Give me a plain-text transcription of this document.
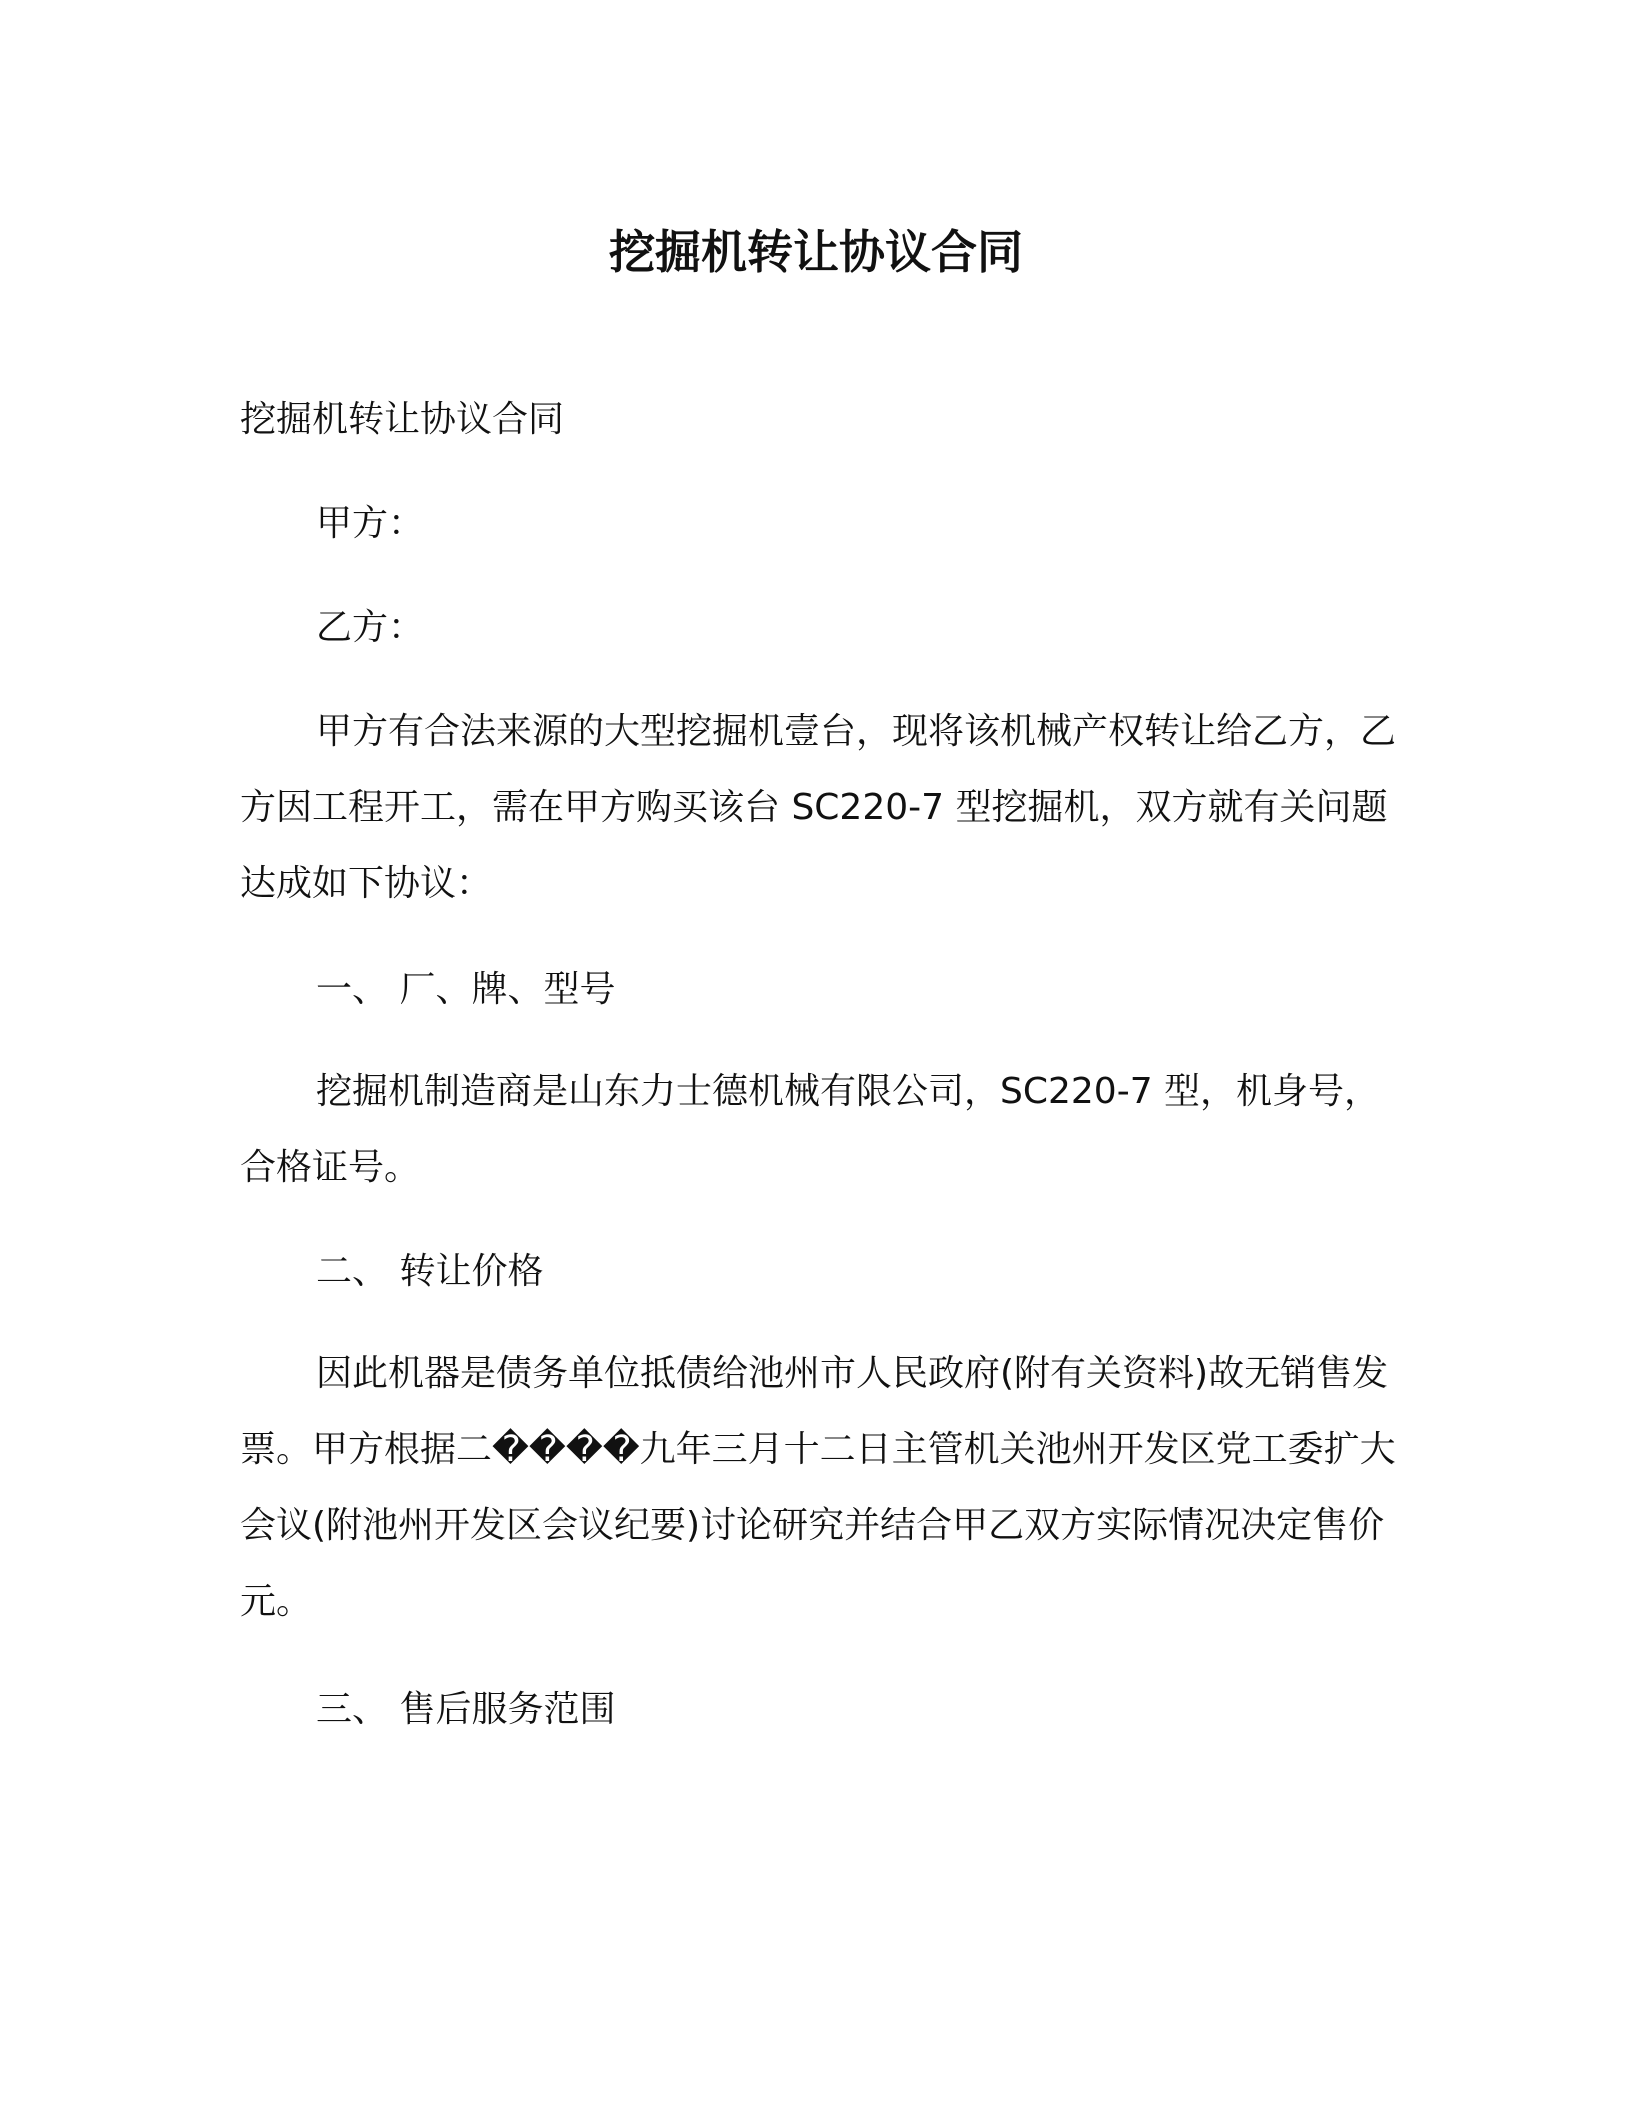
挖掘机转让协议合同

挖掘机转让协议合同

甲方：

乙方：

甲方有合法来源的大型挖掘机壹台，现将该机械产权转让给乙方，乙方因工程开工，需在甲方购买该台 SC220-7 型挖掘机，双方就有关问题达成如下协议：

一、 厂、牌、型号

挖掘机制造商是山东力士德机械有限公司，SC220-7 型，机身号，合格证号。

二、 转让价格

因此机器是债务单位抵债给池州市人民政府(附有关资料)故无销售发票。甲方根据二����九年三月十二日主管机关池州开发区党工委扩大会议(附池州开发区会议纪要)讨论研究并结合甲乙双方实际情况决定售价元。

三、 售后服务范围
